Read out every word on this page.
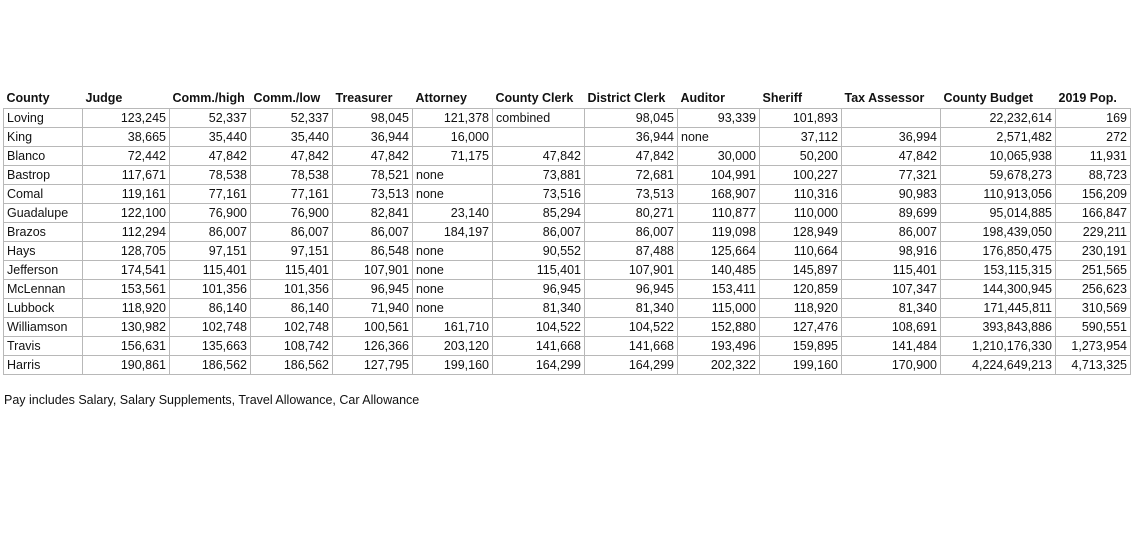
County	Judge	Comm./high	Comm./low	Treasurer	Attorney	County Clerk	District Clerk	Auditor	Sheriff	Tax Assessor	County Budget	2019 Pop.
Loving	123,245	52,337	52,337	98,045	121,378	combined	98,045	93,339	101,893		22,232,614	169
King	38,665	35,440	35,440	36,944	16,000		36,944	none	37,112	36,994	2,571,482	272
Blanco	72,442	47,842	47,842	47,842	71,175	47,842	47,842	30,000	50,200	47,842	10,065,938	11,931
Bastrop	117,671	78,538	78,538	78,521	none	73,881	72,681	104,991	100,227	77,321	59,678,273	88,723
Comal	119,161	77,161	77,161	73,513	none	73,516	73,513	168,907	110,316	90,983	110,913,056	156,209
Guadalupe	122,100	76,900	76,900	82,841	23,140	85,294	80,271	110,877	110,000	89,699	95,014,885	166,847
Brazos	112,294	86,007	86,007	86,007	184,197	86,007	86,007	119,098	128,949	86,007	198,439,050	229,211
Hays	128,705	97,151	97,151	86,548	none	90,552	87,488	125,664	110,664	98,916	176,850,475	230,191
Jefferson	174,541	115,401	115,401	107,901	none	115,401	107,901	140,485	145,897	115,401	153,115,315	251,565
McLennan	153,561	101,356	101,356	96,945	none	96,945	96,945	153,411	120,859	107,347	144,300,945	256,623
Lubbock	118,920	86,140	86,140	71,940	none	81,340	81,340	115,000	118,920	81,340	171,445,811	310,569
Williamson	130,982	102,748	102,748	100,561	161,710	104,522	104,522	152,880	127,476	108,691	393,843,886	590,551
Travis	156,631	135,663	108,742	126,366	203,120	141,668	141,668	193,496	159,895	141,484	1,210,176,330	1,273,954
Harris	190,861	186,562	186,562	127,795	199,160	164,299	164,299	202,322	199,160	170,900	4,224,649,213	4,713,325
Pay includes Salary, Salary Supplements, Travel Allowance, Car Allowance
